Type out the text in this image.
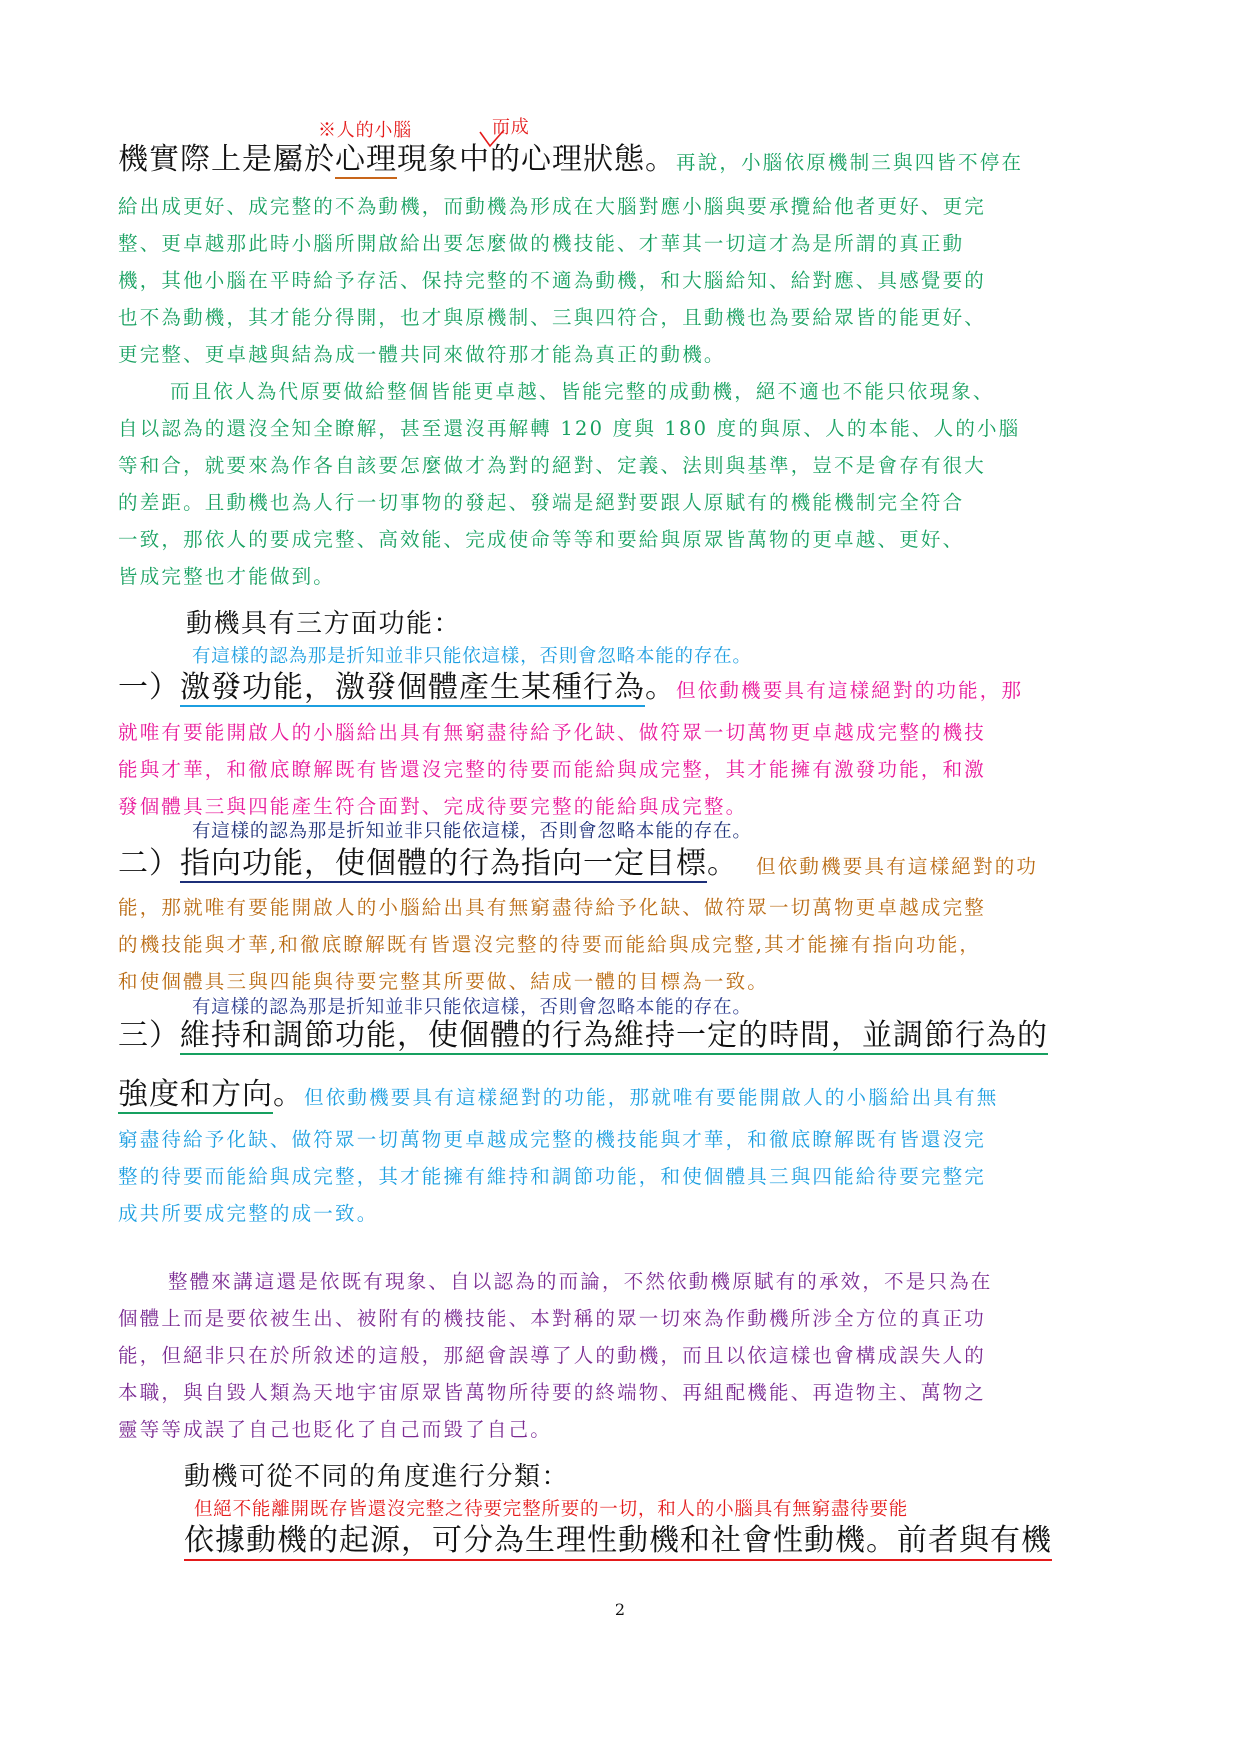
※人的小腦	而成
機實際上是屬於心理現象中的心理狀態。再說，小腦依原機制三與四皆不停在
給出成更好、成完整的不為動機，而動機為形成在大腦對應小腦與要承攬給他者更好、更完
整、更卓越那此時小腦所開啟給出要怎麼做的機技能、才華其一切這才為是所謂的真正動
機，其他小腦在平時給予存活、保持完整的不適為動機，和大腦給知、給對應、具感覺要的
也不為動機，其才能分得開，也才與原機制、三與四符合，且動機也為要給眾皆的能更好、
更完整、更卓越與結為成一體共同來做符那才能為真正的動機。
而且依人為代原要做給整個皆能更卓越、皆能完整的成動機，絕不適也不能只依現象、
自以認為的還沒全知全瞭解，甚至還沒再解轉 120 度與 180 度的與原、人的本能、人的小腦
等和合，就要來為作各自該要怎麼做才為對的絕對、定義、法則與基準，豈不是會存有很大
的差距。且動機也為人行一切事物的發起、發端是絕對要跟人原賦有的機能機制完全符合
一致，那依人的要成完整、高效能、完成使命等等和要給與原眾皆萬物的更卓越、更好、
皆成完整也才能做到。
動機具有三方面功能：
有這樣的認為那是折知並非只能依這樣，否則會忽略本能的存在。
一）激發功能，激發個體產生某種行為。但依動機要具有這樣絕對的功能，那
就唯有要能開啟人的小腦給出具有無窮盡待給予化缺、做符眾一切萬物更卓越成完整的機技
能與才華，和徹底瞭解既有皆還沒完整的待要而能給與成完整，其才能擁有激發功能，和激
發個體具三與四能產生符合面對、完成待要完整的能給與成完整。
有這樣的認為那是折知並非只能依這樣，否則會忽略本能的存在。
二）指向功能，使個體的行為指向一定目標。 但依動機要具有這樣絕對的功
能，那就唯有要能開啟人的小腦給出具有無窮盡待給予化缺、做符眾一切萬物更卓越成完整
的機技能與才華,和徹底瞭解既有皆還沒完整的待要而能給與成完整,其才能擁有指向功能，
和使個體具三與四能與待要完整其所要做、結成一體的目標為一致。
有這樣的認為那是折知並非只能依這樣，否則會忽略本能的存在。
三）維持和調節功能，使個體的行為維持一定的時間，並調節行為的
強度和方向。但依動機要具有這樣絕對的功能，那就唯有要能開啟人的小腦給出具有無
窮盡待給予化缺、做符眾一切萬物更卓越成完整的機技能與才華，和徹底瞭解既有皆還沒完
整的待要而能給與成完整，其才能擁有維持和調節功能，和使個體具三與四能給待要完整完
成共所要成完整的成一致。
整體來講這還是依既有現象、自以認為的而論，不然依動機原賦有的承效，不是只為在
個體上而是要依被生出、被附有的機技能、本對稱的眾一切來為作動機所涉全方位的真正功
能，但絕非只在於所敘述的這般，那絕會誤導了人的動機，而且以依這樣也會構成誤失人的
本職，與自毀人類為天地宇宙原眾皆萬物所待要的終端物、再組配機能、再造物主、萬物之
靈等等成誤了自己也貶化了自己而毀了自己。
動機可從不同的角度進行分類：
但絕不能離開既存皆還沒完整之待要完整所要的一切，和人的小腦具有無窮盡待要能
依據動機的起源，可分為生理性動機和社會性動機。前者與有機
2
